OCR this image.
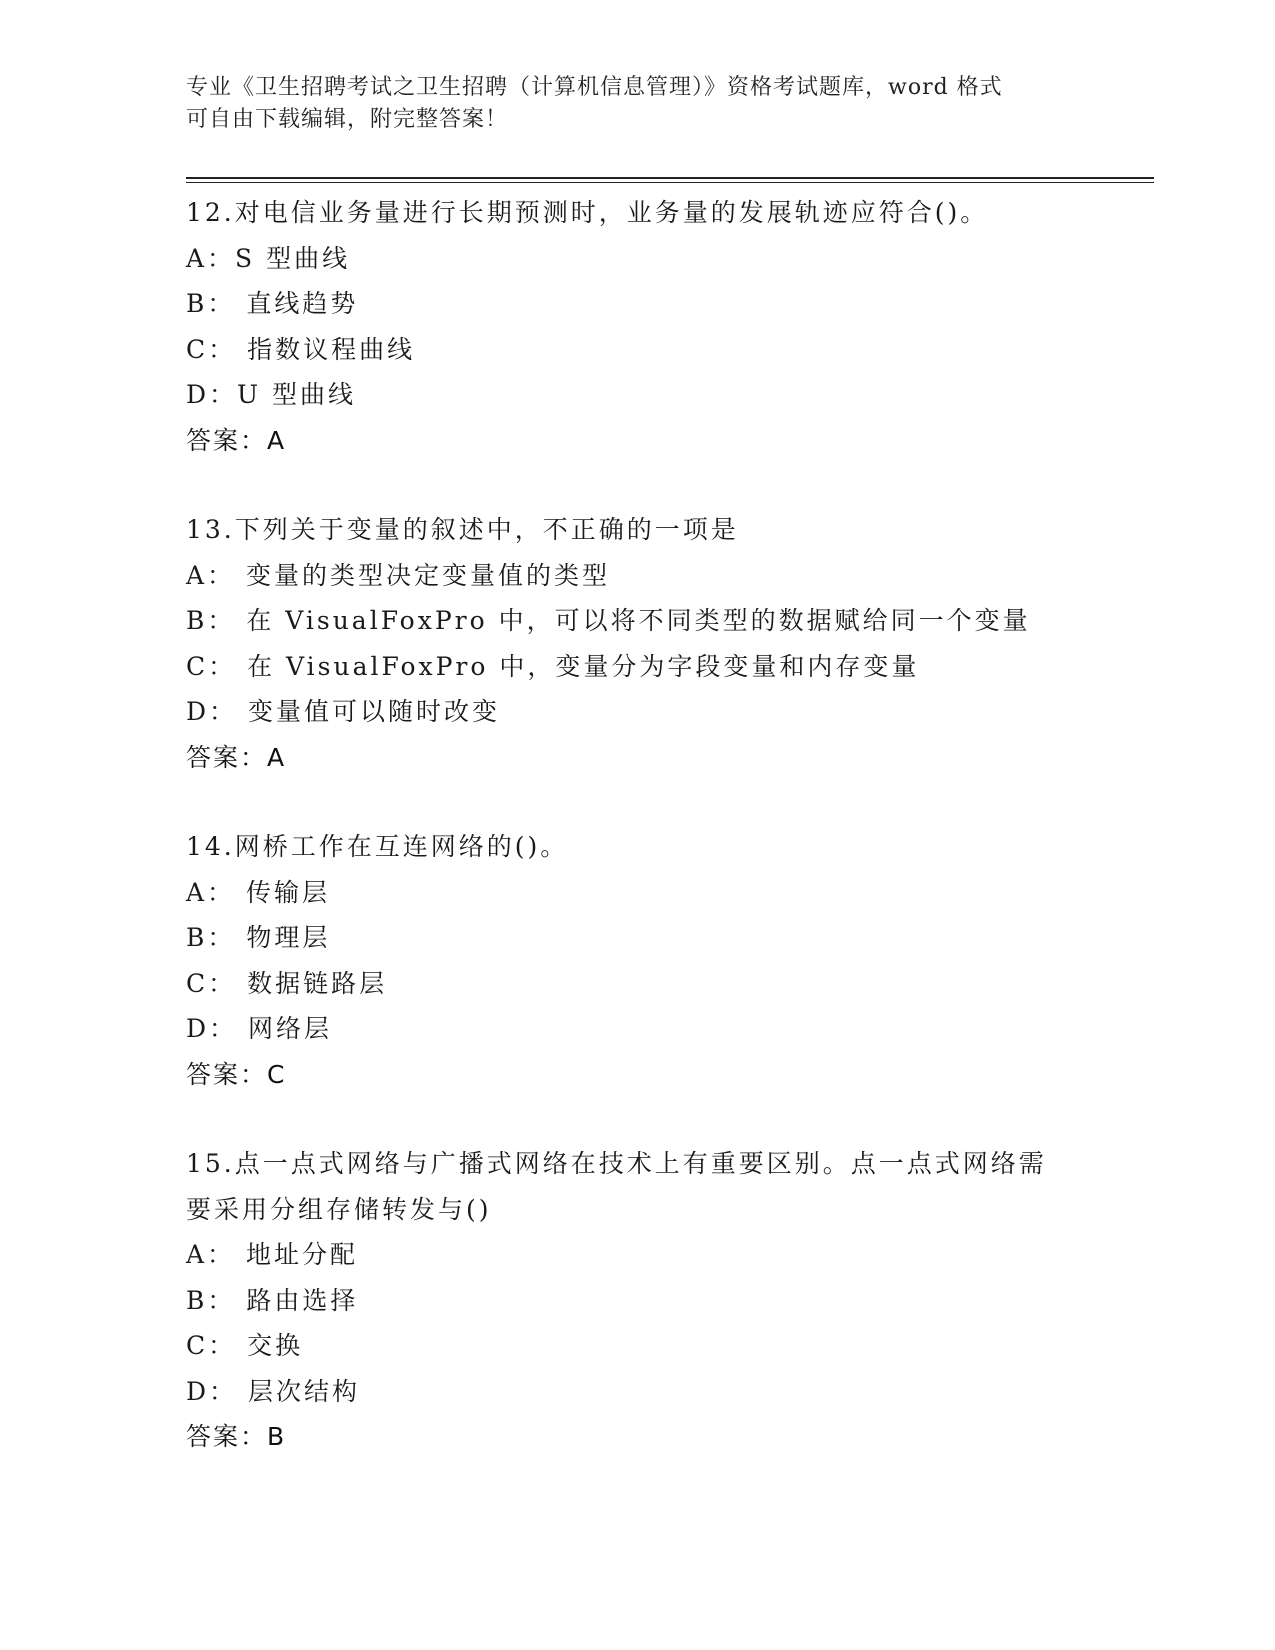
专业《卫生招聘考试之卫生招聘（计算机信息管理）》资格考试题库，word 格式
可自由下载编辑，附完整答案！
12.对电信业务量进行长期预测时，业务量的发展轨迹应符合()。
A：S 型曲线
B： 直线趋势
C： 指数议程曲线
D：U 型曲线
答案：A
13.下列关于变量的叙述中，不正确的一项是
A： 变量的类型决定变量值的类型
B： 在 VisualFoxPro 中，可以将不同类型的数据赋给同一个变量
C： 在 VisualFoxPro 中，变量分为字段变量和内存变量
D： 变量值可以随时改变
答案：A
14.网桥工作在互连网络的()。
A： 传输层
B： 物理层
C： 数据链路层
D： 网络层
答案：C
15.点一点式网络与广播式网络在技术上有重要区别。点一点式网络需要采用分组存储转发与()
A： 地址分配
B： 路由选择
C： 交换
D： 层次结构
答案：B
